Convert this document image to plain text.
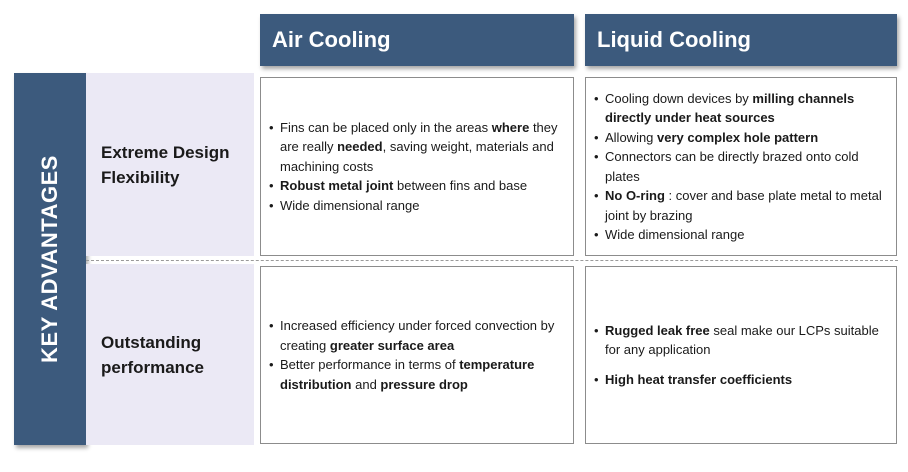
Air Cooling	Liquid Cooling
KEY ADVANTAGES
Extreme Design Flexibility
Outstanding performance
• Fins can be placed only in the areas where they are really needed, saving weight, materials and machining costs
• Robust metal joint between fins and base
• Wide dimensional range
• Cooling down devices by milling channels directly under heat sources
• Allowing very complex hole pattern
• Connectors can be directly brazed onto cold plates
• No O-ring : cover and base plate metal to metal joint by brazing
• Wide dimensional range
• Increased efficiency under forced convection by creating greater surface area
• Better performance in terms of temperature distribution and pressure drop
• Rugged leak free seal make our LCPs suitable for any application
• High heat transfer coefficients
